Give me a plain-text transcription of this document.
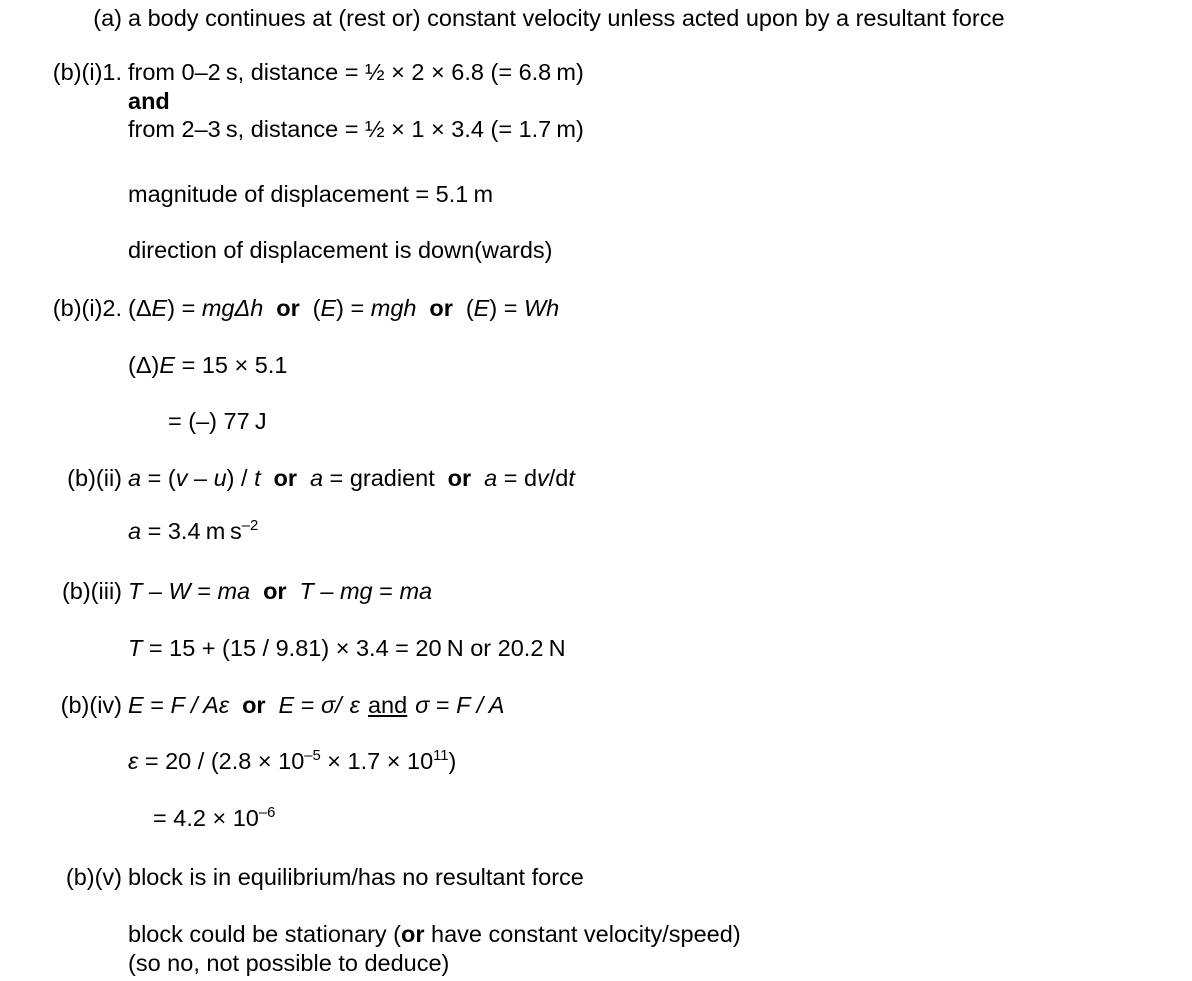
(a) a body continues at (rest or) constant velocity unless acted upon by a resultant force
(b)(i)1. from 0–2 s, distance = ½ × 2 × 6.8 (= 6.8 m)
and
from 2–3 s, distance = ½ × 1 × 3.4 (= 1.7 m)
magnitude of displacement = 5.1 m
direction of displacement is down(wards)
(b)(i)2. (ΔE) = mgΔh or (E) = mgh or (E) = Wh
(Δ)E = 15 × 5.1
= (–) 77 J
(b)(ii) a = (v – u) / t or a = gradient or a = dv/dt
a = 3.4 m $s^{-2}$
(b)(iii) T – W = ma or T – mg = ma
T = 15 + (15 / 9.81) × 3.4 = 20 N or 20.2 N
(b)(iv) E = F / Aε or E = σ/ ε and σ = F / A
$\varepsilon = 20 / (2.8 \times 10^{-5} \times 1.7 \times 10^{11})$
= $4.2 \times 10^{-6}$
(b)(v) block is in equilibrium/has no resultant force
block could be stationary (or have constant velocity/speed)
(so no, not possible to deduce)
